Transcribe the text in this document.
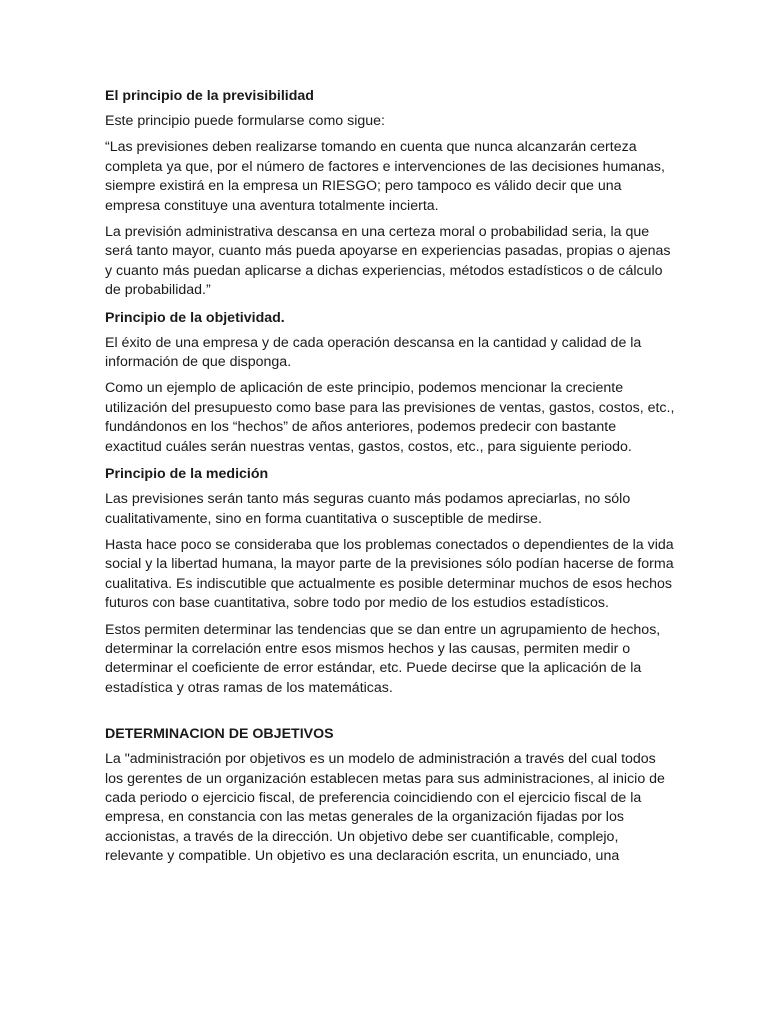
El principio de la previsibilidad

Este principio puede formularse como sigue:

“Las previsiones deben realizarse tomando en cuenta que nunca alcanzarán certeza completa ya que, por el número de factores e intervenciones de las decisiones humanas, siempre existirá en la empresa un RIESGO; pero tampoco es válido decir que una empresa constituye una aventura totalmente incierta.

La previsión administrativa descansa en una certeza moral o probabilidad seria, la que será tanto mayor, cuanto más pueda apoyarse en experiencias pasadas, propias o ajenas y cuanto más puedan aplicarse a dichas experiencias, métodos estadísticos o de cálculo de probabilidad.”

Principio de la objetividad.

El éxito de una empresa y de cada operación descansa en la cantidad y calidad de la información de que disponga.

Como un ejemplo de aplicación de este principio, podemos mencionar la creciente utilización del presupuesto como base para las previsiones de ventas, gastos, costos, etc., fundándonos en los “hechos” de años anteriores, podemos predecir con bastante exactitud cuáles serán nuestras ventas, gastos, costos, etc., para siguiente periodo.

Principio de la medición

Las previsiones serán tanto más seguras cuanto más podamos apreciarlas, no sólo cualitativamente, sino en forma cuantitativa o susceptible de medirse.

Hasta hace poco se consideraba que los problemas conectados o dependientes de la vida social y la libertad humana, la mayor parte de la previsiones sólo podían hacerse de forma cualitativa. Es indiscutible que actualmente es posible determinar muchos de esos hechos futuros con base cuantitativa, sobre todo por medio de los estudios estadísticos.

Estos permiten determinar las tendencias que se dan entre un agrupamiento de hechos, determinar la correlación entre esos mismos hechos y las causas, permiten medir o determinar el coeficiente de error estándar, etc. Puede decirse que la aplicación de la estadística y otras ramas de los matemáticas.

DETERMINACION DE OBJETIVOS

La "administración por objetivos es un modelo de administración a través del cual todos los gerentes de un organización establecen metas para sus administraciones, al inicio de cada periodo o ejercicio fiscal, de preferencia coincidiendo con el ejercicio fiscal de la empresa, en constancia con las metas generales de la organización fijadas por los accionistas, a través de la dirección. Un objetivo debe ser cuantificable, complejo, relevante y compatible. Un objetivo es una declaración escrita, un enunciado, una
